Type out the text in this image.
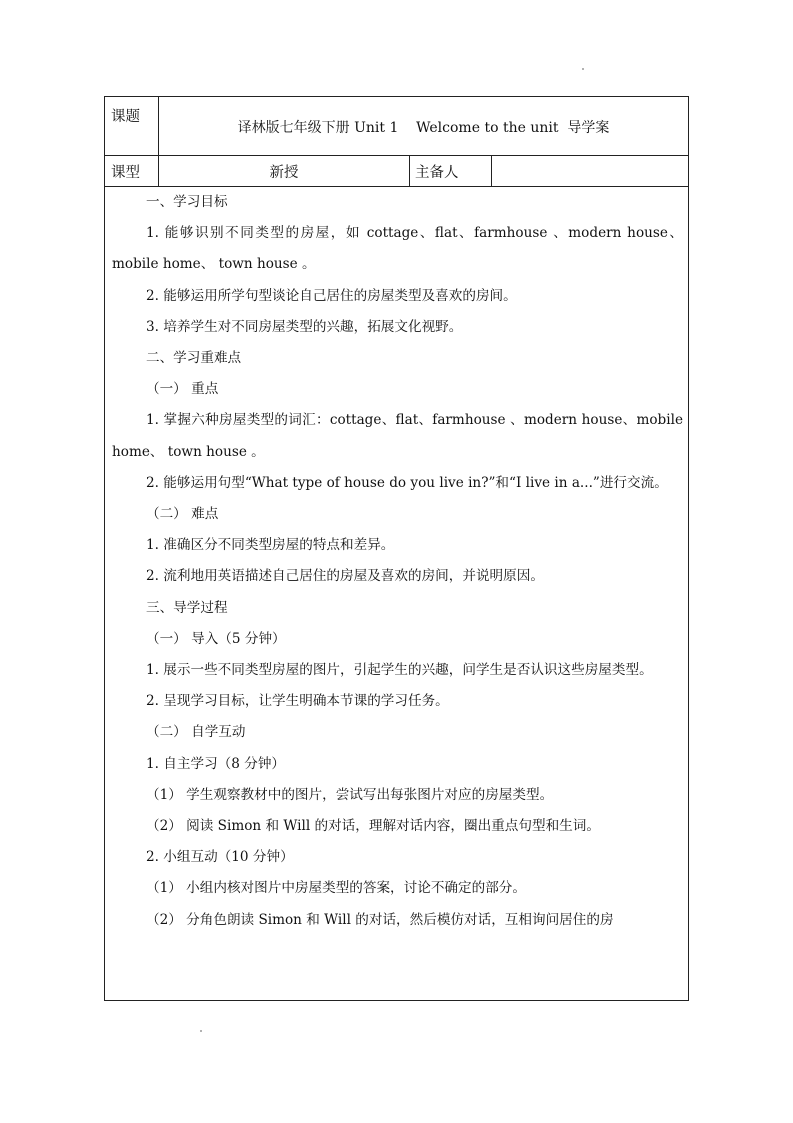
课题
译林版七年级下册 Unit 1    Welcome to the unit  导学案
课型	新授	主备人

一、学习目标

1. 能够识别不同类型的房屋，如 cottage、flat、farmhouse 、modern house、mobile home、 town house 。

2. 能够运用所学句型谈论自己居住的房屋类型及喜欢的房间。

3. 培养学生对不同房屋类型的兴趣，拓展文化视野。

二、学习重难点

（一） 重点

1. 掌握六种房屋类型的词汇：cottage、flat、farmhouse 、modern house、mobile home、 town house 。

2. 能够运用句型“What type of house do you live in?”和“I live in a...”进行交流。

（二） 难点

1. 准确区分不同类型房屋的特点和差异。

2. 流利地用英语描述自己居住的房屋及喜欢的房间，并说明原因。

三、导学过程

（一） 导入（5 分钟）

1. 展示一些不同类型房屋的图片，引起学生的兴趣，问学生是否认识这些房屋类型。

2. 呈现学习目标，让学生明确本节课的学习任务。

（二） 自学互动

1. 自主学习（8 分钟）

（1） 学生观察教材中的图片，尝试写出每张图片对应的房屋类型。

（2） 阅读 Simon 和 Will 的对话，理解对话内容，圈出重点句型和生词。

2. 小组互动（10 分钟）

（1） 小组内核对图片中房屋类型的答案，讨论不确定的部分。

（2） 分角色朗读 Simon 和 Will 的对话，然后模仿对话，互相询问居住的房
